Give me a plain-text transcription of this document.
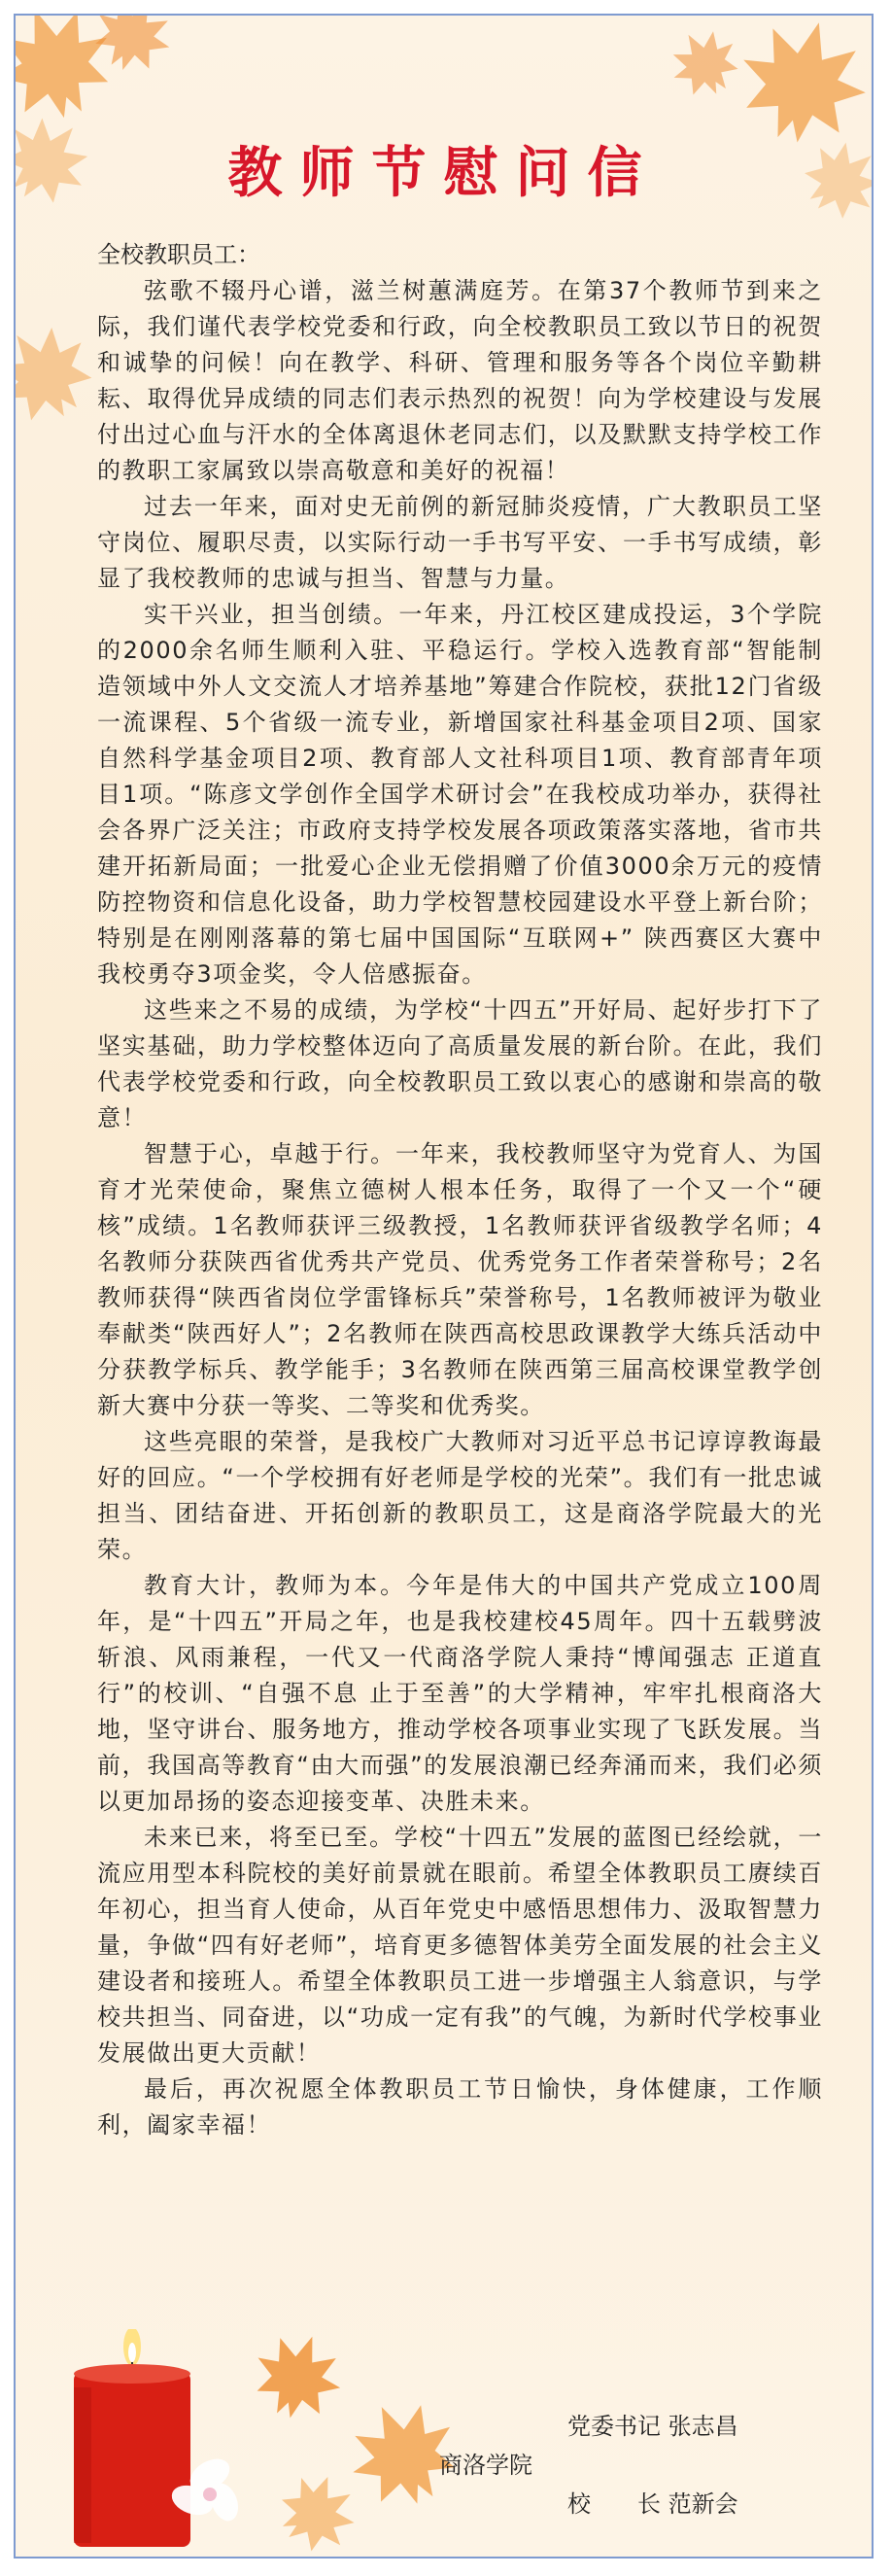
教师节慰问信

全校教职员工：

弦歌不辍丹心谱，滋兰树蕙满庭芳。在第37个教师节到来之际，我们谨代表学校党委和行政，向全校教职员工致以节日的祝贺和诚挚的问候！向在教学、科研、管理和服务等各个岗位辛勤耕耘、取得优异成绩的同志们表示热烈的祝贺！向为学校建设与发展付出过心血与汗水的全体离退休老同志们，以及默默支持学校工作的教职工家属致以崇高敬意和美好的祝福！

过去一年来，面对史无前例的新冠肺炎疫情，广大教职员工坚守岗位、履职尽责，以实际行动一手书写平安、一手书写成绩，彰显了我校教师的忠诚与担当、智慧与力量。

实干兴业，担当创绩。一年来，丹江校区建成投运，3个学院的2000余名师生顺利入驻、平稳运行。学校入选教育部“智能制造领域中外人文交流人才培养基地”筹建合作院校，获批12门省级一流课程、5个省级一流专业，新增国家社科基金项目2项、国家自然科学基金项目2项、教育部人文社科项目1项、教育部青年项目1项。“陈彦文学创作全国学术研讨会”在我校成功举办，获得社会各界广泛关注；市政府支持学校发展各项政策落实落地，省市共建开拓新局面；一批爱心企业无偿捐赠了价值3000余万元的疫情防控物资和信息化设备，助力学校智慧校园建设水平登上新台阶；特别是在刚刚落幕的第七届中国国际“互联网+” 陕西赛区大赛中我校勇夺3项金奖，令人倍感振奋。

这些来之不易的成绩，为学校“十四五”开好局、起好步打下了坚实基础，助力学校整体迈向了高质量发展的新台阶。在此，我们代表学校党委和行政，向全校教职员工致以衷心的感谢和崇高的敬意！

智慧于心，卓越于行。一年来，我校教师坚守为党育人、为国育才光荣使命，聚焦立德树人根本任务，取得了一个又一个“硬核”成绩。1名教师获评三级教授，1名教师获评省级教学名师；4名教师分获陕西省优秀共产党员、优秀党务工作者荣誉称号；2名教师获得“陕西省岗位学雷锋标兵”荣誉称号，1名教师被评为敬业奉献类“陕西好人”；2名教师在陕西高校思政课教学大练兵活动中分获教学标兵、教学能手；3名教师在陕西第三届高校课堂教学创新大赛中分获一等奖、二等奖和优秀奖。

这些亮眼的荣誉，是我校广大教师对习近平总书记谆谆教诲最好的回应。“一个学校拥有好老师是学校的光荣”。我们有一批忠诚担当、团结奋进、开拓创新的教职员工，这是商洛学院最大的光荣。

教育大计，教师为本。今年是伟大的中国共产党成立100周年，是“十四五”开局之年，也是我校建校45周年。四十五载劈波斩浪、风雨兼程，一代又一代商洛学院人秉持“博闻强志 正道直行”的校训、“自强不息 止于至善”的大学精神，牢牢扎根商洛大地，坚守讲台、服务地方，推动学校各项事业实现了飞跃发展。当前，我国高等教育“由大而强”的发展浪潮已经奔涌而来，我们必须以更加昂扬的姿态迎接变革、决胜未来。

未来已来，将至已至。学校“十四五”发展的蓝图已经绘就，一流应用型本科院校的美好前景就在眼前。希望全体教职员工赓续百年初心，担当育人使命，从百年党史中感悟思想伟力、汲取智慧力量，争做“四有好老师”，培育更多德智体美劳全面发展的社会主义建设者和接班人。希望全体教职员工进一步增强主人翁意识，与学校共担当、同奋进，以“功成一定有我”的气魄，为新时代学校事业发展做出更大贡献！

最后，再次祝愿全体教职员工节日愉快，身体健康，工作顺利，阖家幸福！

党委书记 张志昌
商洛学院
校　　长 范新会
